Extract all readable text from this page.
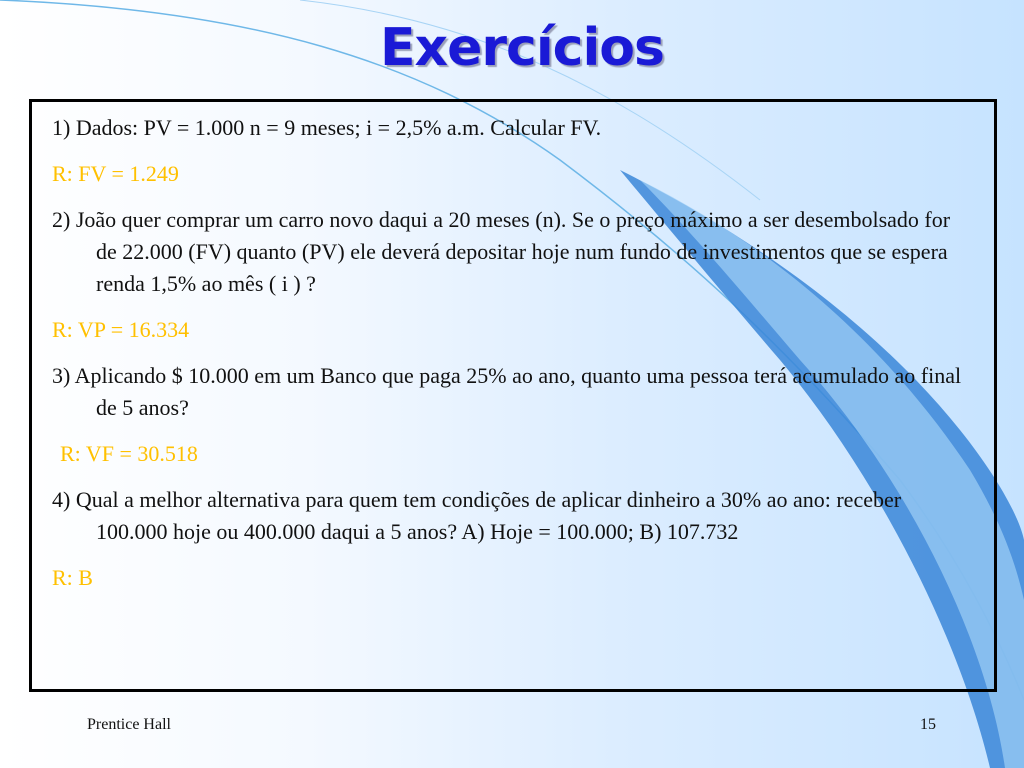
Exercícios

1) Dados: PV = 1.000 n = 9 meses; i = 2,5% a.m. Calcular FV.

R: FV = 1.249

2) João quer comprar um carro novo daqui a 20 meses (n). Se o preço máximo a ser desembolsado for de 22.000 (FV) quanto (PV) ele deverá depositar hoje num fundo de investimentos que se espera renda 1,5% ao mês ( i ) ?

R: VP = 16.334

3) Aplicando $ 10.000 em um Banco que paga 25% ao ano, quanto uma pessoa terá acumulado ao final de 5 anos?

R: VF = 30.518

4) Qual a melhor alternativa para quem tem condições de aplicar dinheiro a 30% ao ano: receber 100.000 hoje ou 400.000 daqui a 5 anos? A) Hoje = 100.000; B) 107.732

R: B

Prentice Hall	15
